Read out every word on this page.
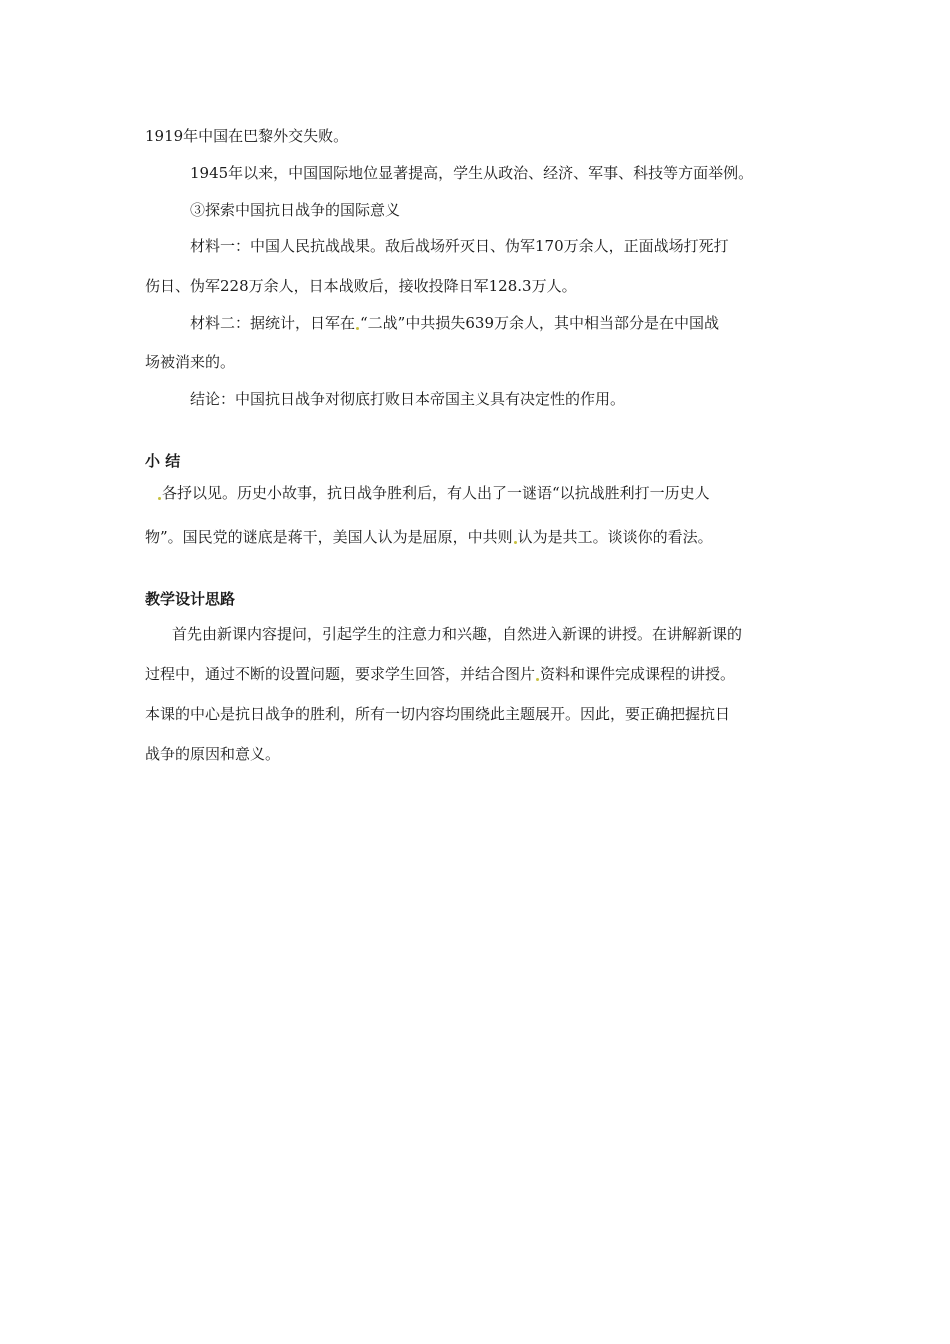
1919年中国在巴黎外交失败。
1945年以来，中国国际地位显著提高，学生从政治、经济、军事、科技等方面举例。
③探索中国抗日战争的国际意义
材料一：中国人民抗战战果。敌后战场歼灭日、伪军170万余人，正面战场打死打
伤日、伪军228万余人，日本战败后，接收投降日军128.3万人。
材料二：据统计，日军在 “二战”中共损失639万余人，其中相当部分是在中国战
场被消来的。
结论：中国抗日战争对彻底打败日本帝国主义具有决定性的作用。
小 结
各抒以见。历史小故事，抗日战争胜利后，有人出了一谜语“以抗战胜利打一历史人
物”。国民党的谜底是蒋干，美国人认为是屈原，中共则 认为是共工。谈谈你的看法。
教学设计思路
首先由新课内容提问，引起学生的注意力和兴趣，自然进入新课的讲授。在讲解新课的
过程中，通过不断的设置问题，要求学生回答，并结合图片 资料和课件完成课程的讲授。
本课的中心是抗日战争的胜利，所有一切内容均围绕此主题展开。因此，要正确把握抗日
战争的原因和意义。
